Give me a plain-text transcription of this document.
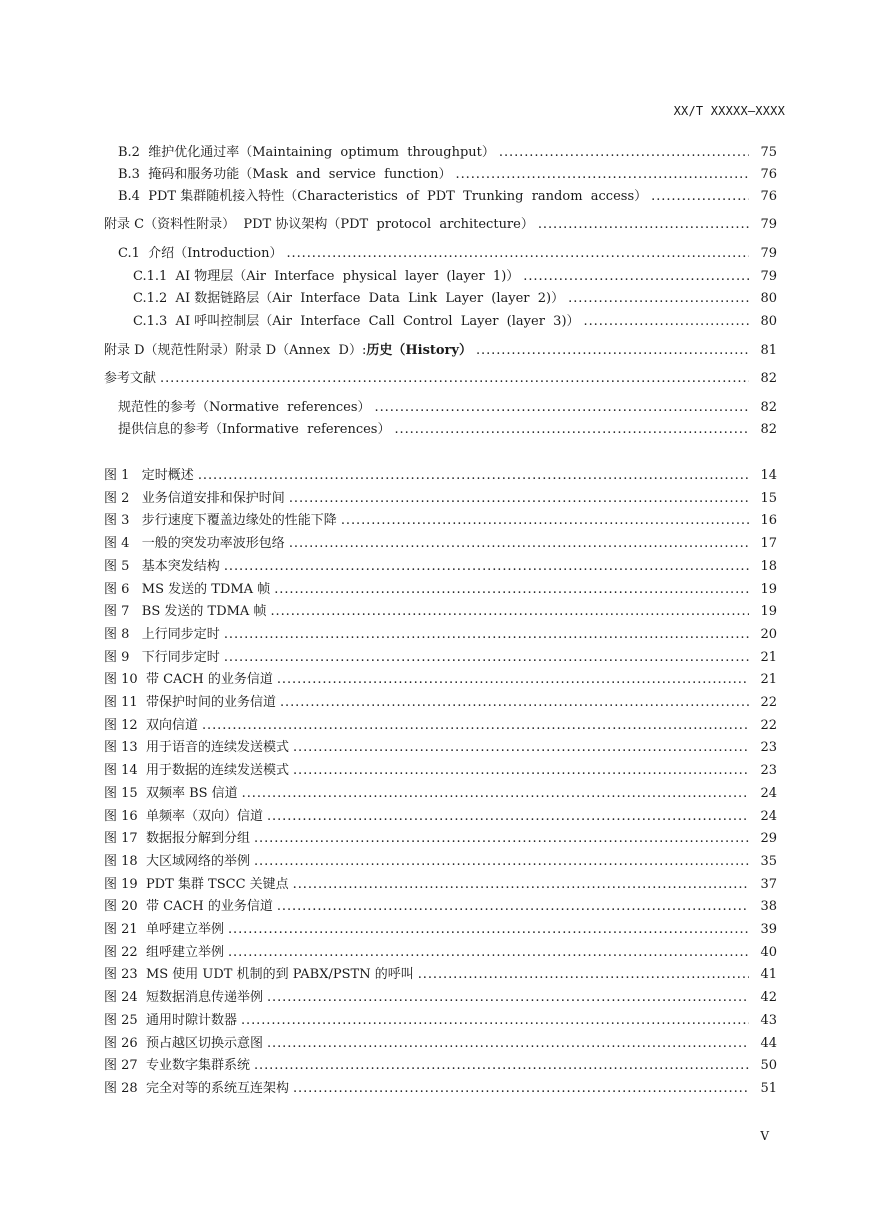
XX/T XXXXX—XXXX
B.2  维护优化通过率（Maintaining  optimum  throughput） . . .	75
B.3  掩码和服务功能（Mask  and  service  function） . . .	76
B.4  PDT 集群随机接入特性（Characteristics  of  PDT  Trunking  random  access） . . .	76
附录 C（资料性附录）  PDT 协议架构（PDT  protocol  architecture） . . .	79
C.1  介绍（Introduction） . . .	79
C.1.1  AI 物理层（Air  Interface  physical  layer  (layer  1)） . . .	79
C.1.2  AI 数据链路层（Air  Interface  Data  Link  Layer  (layer  2)） . . .	80
C.1.3  AI 呼叫控制层（Air  Interface  Call  Control  Layer  (layer  3)） . . .	80
附录 D（规范性附录）附录 D（Annex  D）: 历史（History） . . .	81
参考文献 . . .	82
规范性的参考（Normative  references） . . .	82
提供信息的参考（Informative  references） . . .	82
图 1   定时概述 . . .	14
图 2   业务信道安排和保护时间 . . .	15
图 3   步行速度下覆盖边缘处的性能下降 . . .	16
图 4   一般的突发功率波形包络 . . .	17
图 5   基本突发结构 . . .	18
图 6   MS 发送的 TDMA 帧 . . .	19
图 7   BS 发送的 TDMA 帧 . . .	19
图 8   上行同步定时 . . .	20
图 9   下行同步定时 . . .	21
图 10  带 CACH 的业务信道 . . .	21
图 11  带保护时间的业务信道 . . .	22
图 12  双向信道 . . .	22
图 13  用于语音的连续发送模式 . . .	23
图 14  用于数据的连续发送模式 . . .	23
图 15  双频率 BS 信道 . . .	24
图 16  单频率（双向）信道 . . .	24
图 17  数据报分解到分组 . . .	29
图 18  大区域网络的举例 . . .	35
图 19  PDT 集群 TSCC 关键点 . . .	37
图 20  带 CACH 的业务信道 . . .	38
图 21  单呼建立举例 . . .	39
图 22  组呼建立举例 . . .	40
图 23  MS 使用 UDT 机制的到 PABX/PSTN 的呼叫 . . .	41
图 24  短数据消息传递举例 . . .	42
图 25  通用时隙计数器 . . .	43
图 26  预占越区切换示意图 . . .	44
图 27  专业数字集群系统 . . .	50
图 28  完全对等的系统互连架构 . . .	51
V
